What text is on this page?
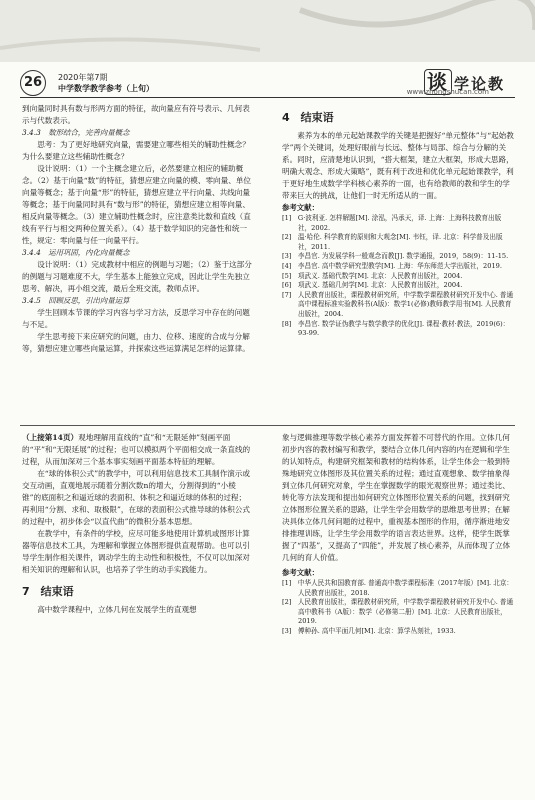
26	2020年第7期
中学数学教学参考（上旬）	谈 学论教
www.zhongshucan.com

到向量同时具有数与形两方面的特征，故向量应有符号表示、几何表示与代数表示。

3.4.3　数形结合，完善向量概念

思考：为了更好地研究向量，需要建立哪些相关的辅助性概念？为什么要建立这些辅助性概念？

设计说明：（1）一个主概念建立后，必然要建立相应的辅助概念。（2）基于向量“数”的特征，猜想应建立向量的模、零向量、单位向量等概念；基于向量“形”的特征，猜想应建立平行向量、共线向量等概念；基于向量同时具有“数与形”的特征，猜想应建立相等向量、相反向量等概念。（3）建立辅助性概念时，应注意类比数和直线（直线有平行与相交两种位置关系）。（4）基于数学知识的完备性和统一性，规定：零向量与任一向量平行。

3.4.4　运用巩固，内化向量概念

设计说明：（1）完成教材中相应的例题与习题；（2）鉴于这部分的例题与习题难度不大，学生基本上能独立完成，因此让学生先独立思考、解决，再小组交流，最后全班交流，教师点评。

3.4.5　回顾反思，引出向量运算

学生回顾本节课的学习内容与学习方法，反思学习中存在的问题与不足。

学生思考接下来应研究的问题，由力、位移、速度的合成与分解等，猜想应建立哪些向量运算，并探索这些运算满足怎样的运算律。

4　结束语

素养为本的单元起始课教学的关键是把握好“单元整体”与“起始教学”两个关键词，处理好眼前与长远、整体与局部、综合与分解的关系。同时，应清楚地认识到，“搭大框架，建立大框架，形成大思路，明确大观念、形成大策略”，既有利于改进和优化单元起始课教学，利于更好地生成数学学科核心素养的一面，也有给教师的教和学生的学带来巨大的挑战，让他们一时无所适从的一面。

参考文献：
[1]　G·波利亚. 怎样解题[M]. 涂泓，冯承天，译. 上海：上海科技教育出版社，2002.
[2]　温·哈伦. 科学教育的原则和大观念[M]. 韦钰，译. 北京：科学普及出版社，2011.
[3]　李昌官. 为发展学科一般观念而教[J]. 数学通报，2019，58(9)：11-15.
[4]　李昌官. 高中数学研究型教学[M]. 上海：华东师范大学出版社，2019.
[5]　项武义. 基础代数学[M]. 北京：人民教育出版社，2004.
[6]　项武义. 基础几何学[M]. 北京：人民教育出版社，2004.
[7]　人民教育出版社，课程教材研究所，中学数学课程教材研究开发中心. 普通高中课程标准实验教科书(A版)：数学1(必修)教师教学用书[M]. 人民教育出版社，2004.
[8]　李昌官. 数学证伪教学与数学教学的优化[J]. 课程·教材·教法，2019(6)：93-99.

（上接第14页）观地理解用直线的“直”和“无限延伸”刻画平面的“平”和“无限延展”的过程；也可以模拟两个平面相交成一条直线的过程，从而加深对三个基本事实刻画平面基本特征的理解。

在“球的体积公式”的教学中，可以利用信息技术工具制作演示或交互动画，直观地展示随着分割次数n的增大，分割得到的“小棱锥”的底面积之和逼近球的表面积、体积之和逼近球的体积的过程；再利用“分割、求和、取极限”，在球的表面积公式推导球的体积公式的过程中，初步体会“以直代曲”的微积分基本思想。

在教学中，有条件的学校，应尽可能多地使用计算机或图形计算器等信息技术工具，为理解和掌握立体图形提供直观帮助。也可以引导学生制作相关课件，调动学生的主动性和积极性，不仅可以加深对相关知识的理解和认识，也培养了学生的动手实践能力。

7　结束语

高中数学课程中，立体几何在发展学生的直观想

象与逻辑推理等数学核心素养方面发挥着不可替代的作用。立体几何初步内容的教材编写和教学，要结合立体几何内容的内在逻辑和学生的认知特点，构建研究框架和教材的结构体系，让学生体会一般到特殊地研究立体图形及其位置关系的过程；通过直观想象、数学抽象得到立体几何研究对象，学生在掌握数学的眼光观察世界；通过类比、转化等方法发现和提出如何研究立体图形位置关系的问题，找到研究立体图形位置关系的思路，让学生学会用数学的思维思考世界；在解决具体立体几何问题的过程中，重视基本图形的作用，循序渐进地安排推理训练，让学生学会用数学的语言表达世界。这样，使学生既掌握了“四基”，又提高了“四能”，并发展了核心素养，从而体现了立体几何的育人价值。

参考文献：
[1]　中华人民共和国教育部. 普通高中数学课程标准（2017年版）[M]. 北京：人民教育出版社，2018.
[2]　人民教育出版社，课程教材研究所，中学数学课程教材研究开发中心. 普通高中教科书（A版）：数学（必修第二册）[M]. 北京：人民教育出版社，2019.
[3]　傅种孙. 高中平面几何[M]. 北京：算学丛刻社，1933.
